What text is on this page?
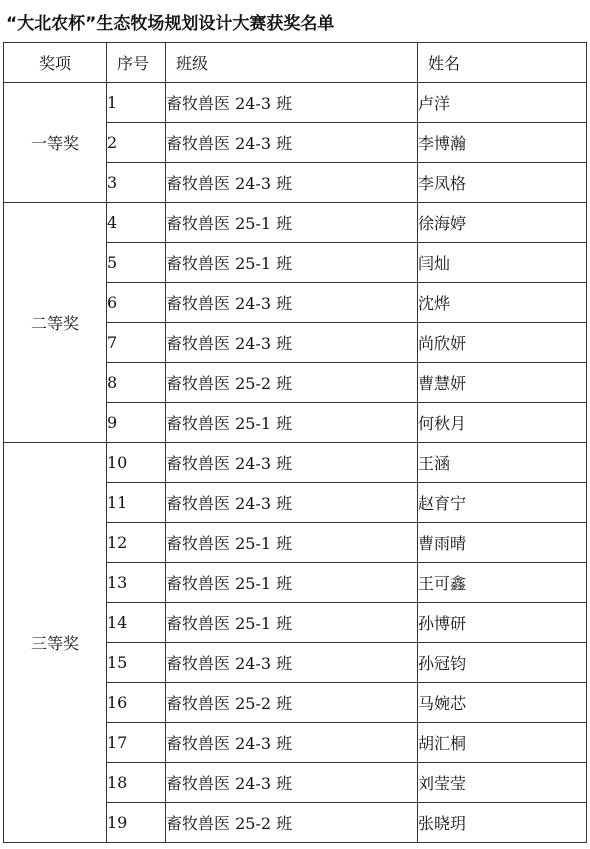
“大北农杯”生态牧场规划设计大赛获奖名单
奖项	序号	班级	姓名
一等奖	1	畜牧兽医 24-3 班	卢洋
	2	畜牧兽医 24-3 班	李博瀚
	3	畜牧兽医 24-3 班	李凤格
二等奖	4	畜牧兽医 25-1 班	徐海婷
	5	畜牧兽医 25-1 班	闫灿
	6	畜牧兽医 24-3 班	沈烨
	7	畜牧兽医 24-3 班	尚欣妍
	8	畜牧兽医 25-2 班	曹慧妍
	9	畜牧兽医 25-1 班	何秋月
三等奖	10	畜牧兽医 24-3 班	王涵
	11	畜牧兽医 24-3 班	赵育宁
	12	畜牧兽医 25-1 班	曹雨晴
	13	畜牧兽医 25-1 班	王可鑫
	14	畜牧兽医 25-1 班	孙博研
	15	畜牧兽医 24-3 班	孙冠钧
	16	畜牧兽医 25-2 班	马婉芯
	17	畜牧兽医 24-3 班	胡汇桐
	18	畜牧兽医 24-3 班	刘莹莹
	19	畜牧兽医 25-2 班	张晓玥
